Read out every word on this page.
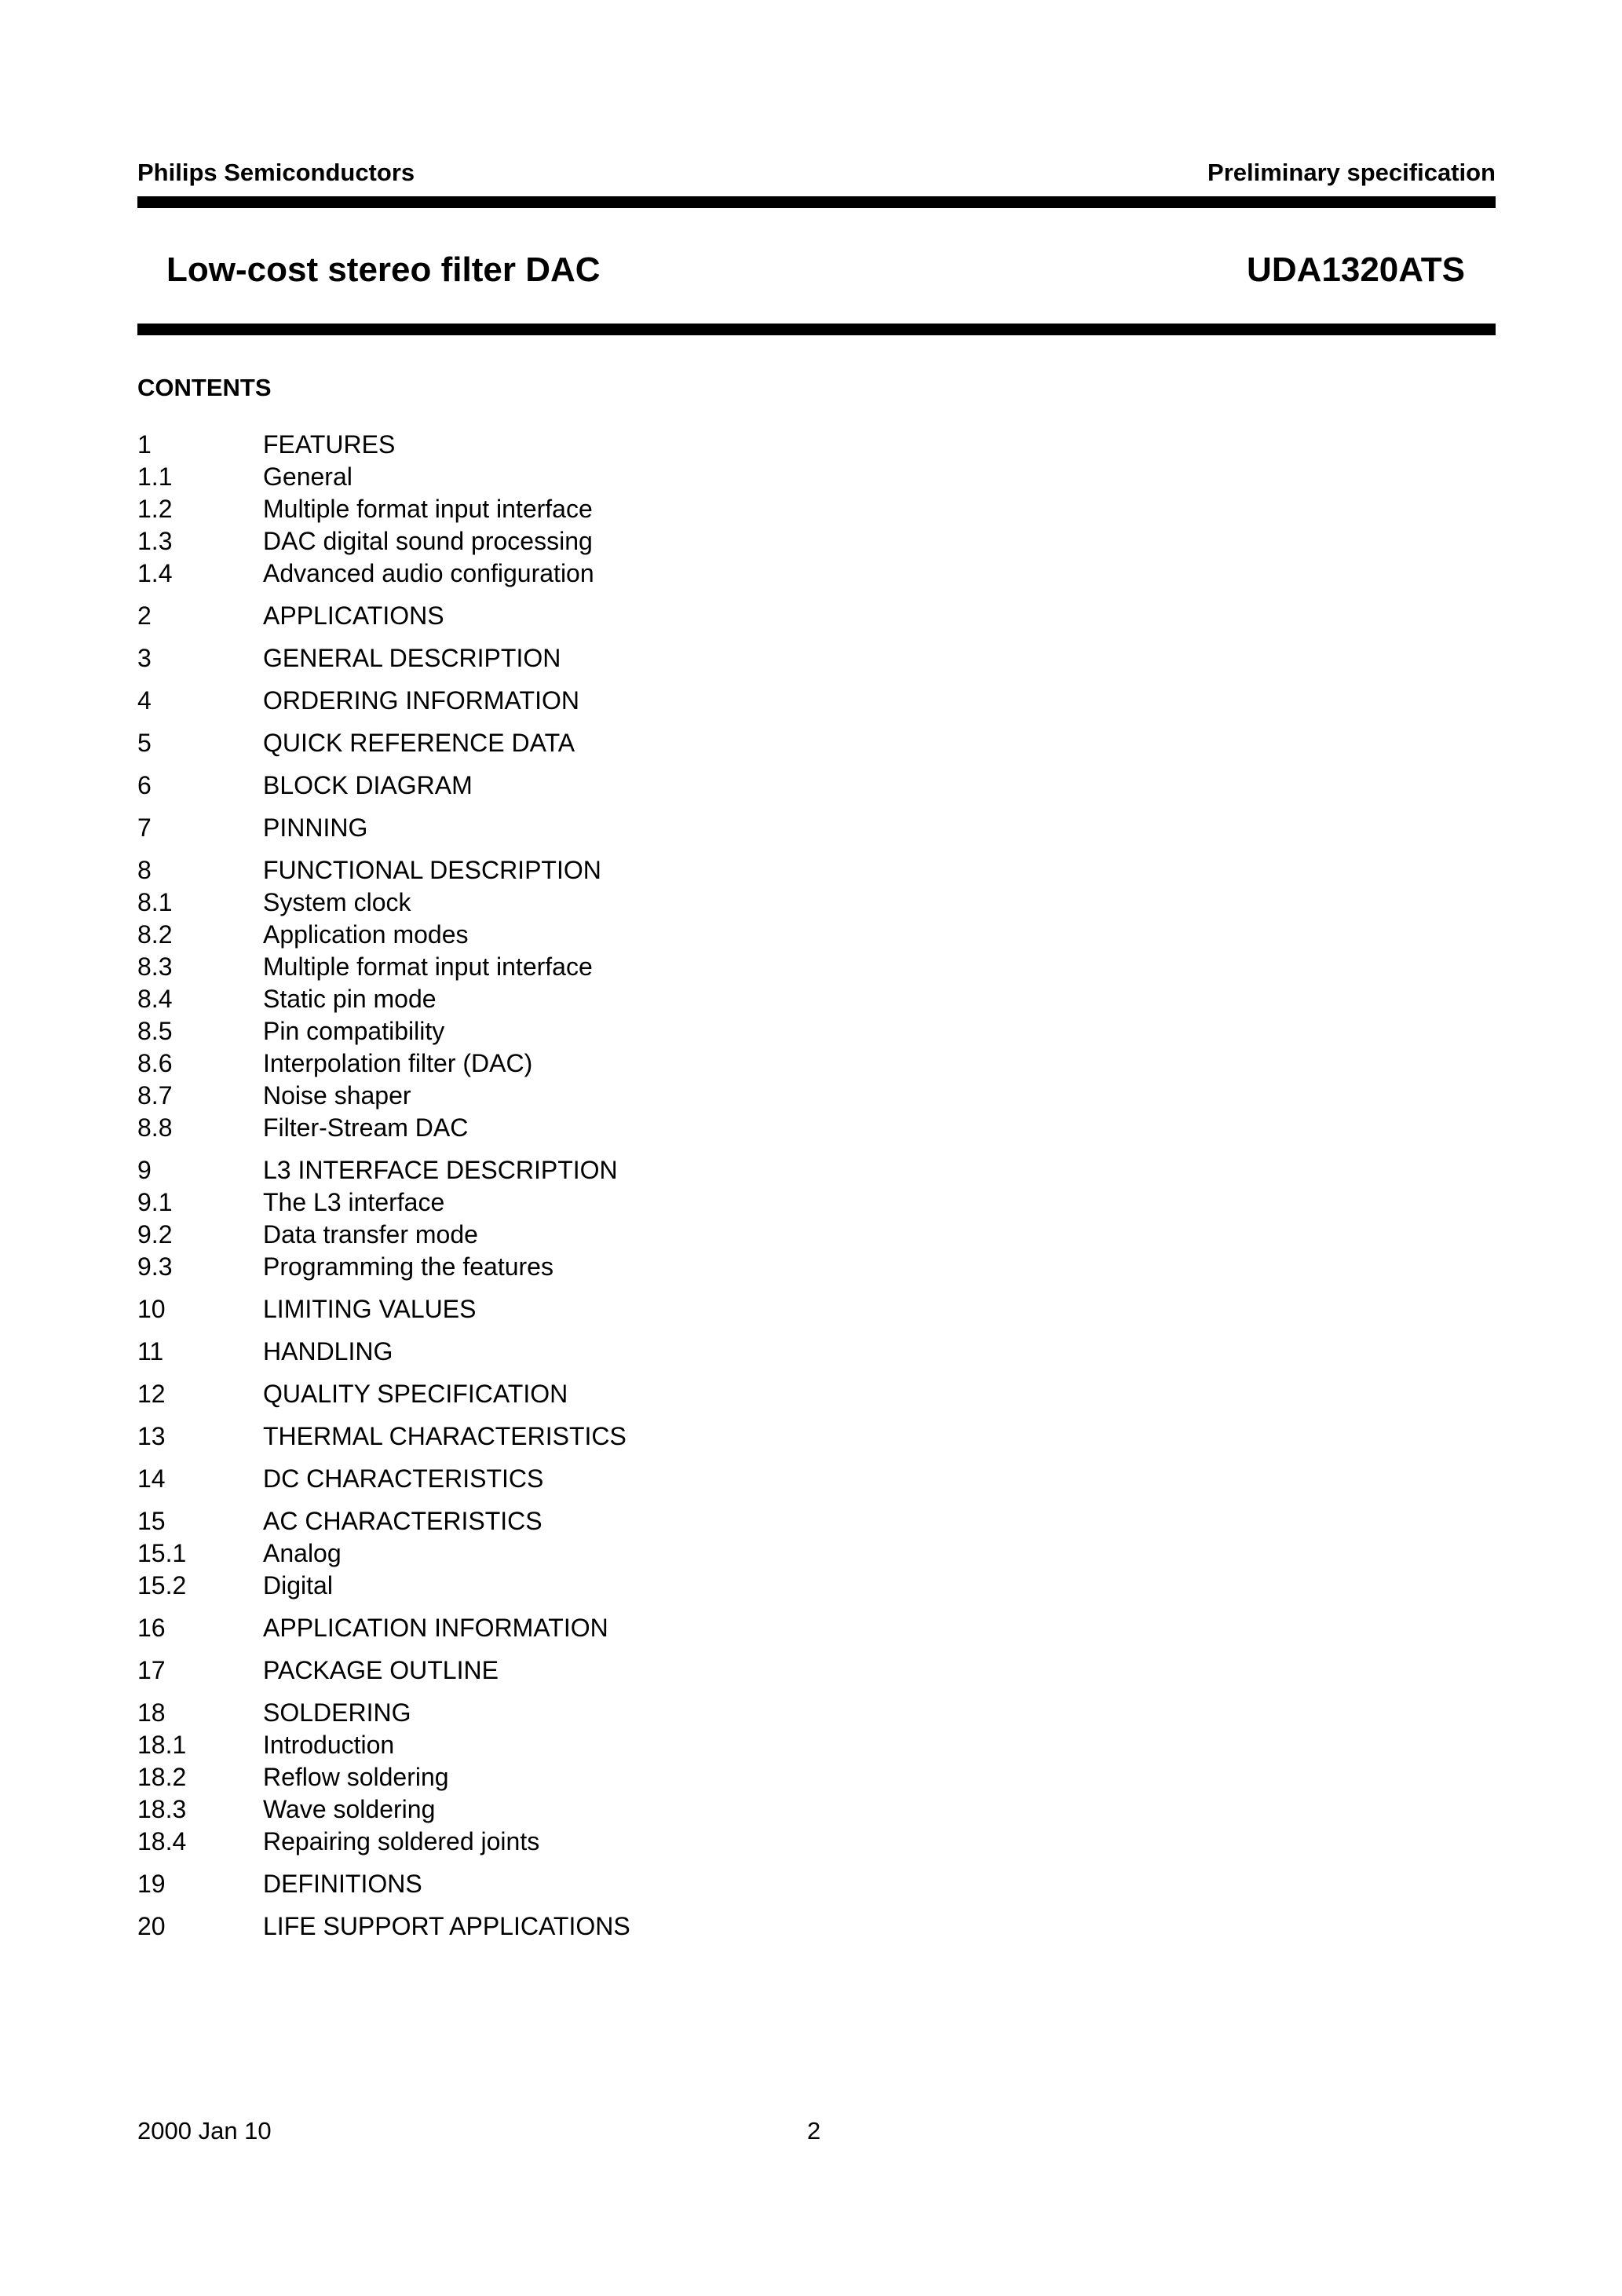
Philips Semiconductors	Preliminary specification
Low-cost stereo filter DAC	UDA1320ATS
CONTENTS
1	FEATURES
1.1	General
1.2	Multiple format input interface
1.3	DAC digital sound processing
1.4	Advanced audio configuration
2	APPLICATIONS
3	GENERAL DESCRIPTION
4	ORDERING INFORMATION
5	QUICK REFERENCE DATA
6	BLOCK DIAGRAM
7	PINNING
8	FUNCTIONAL DESCRIPTION
8.1	System clock
8.2	Application modes
8.3	Multiple format input interface
8.4	Static pin mode
8.5	Pin compatibility
8.6	Interpolation filter (DAC)
8.7	Noise shaper
8.8	Filter-Stream DAC
9	L3 INTERFACE DESCRIPTION
9.1	The L3 interface
9.2	Data transfer mode
9.3	Programming the features
10	LIMITING VALUES
11	HANDLING
12	QUALITY SPECIFICATION
13	THERMAL CHARACTERISTICS
14	DC CHARACTERISTICS
15	AC CHARACTERISTICS
15.1	Analog
15.2	Digital
16	APPLICATION INFORMATION
17	PACKAGE OUTLINE
18	SOLDERING
18.1	Introduction
18.2	Reflow soldering
18.3	Wave soldering
18.4	Repairing soldered joints
19	DEFINITIONS
20	LIFE SUPPORT APPLICATIONS
2000 Jan 10	2
